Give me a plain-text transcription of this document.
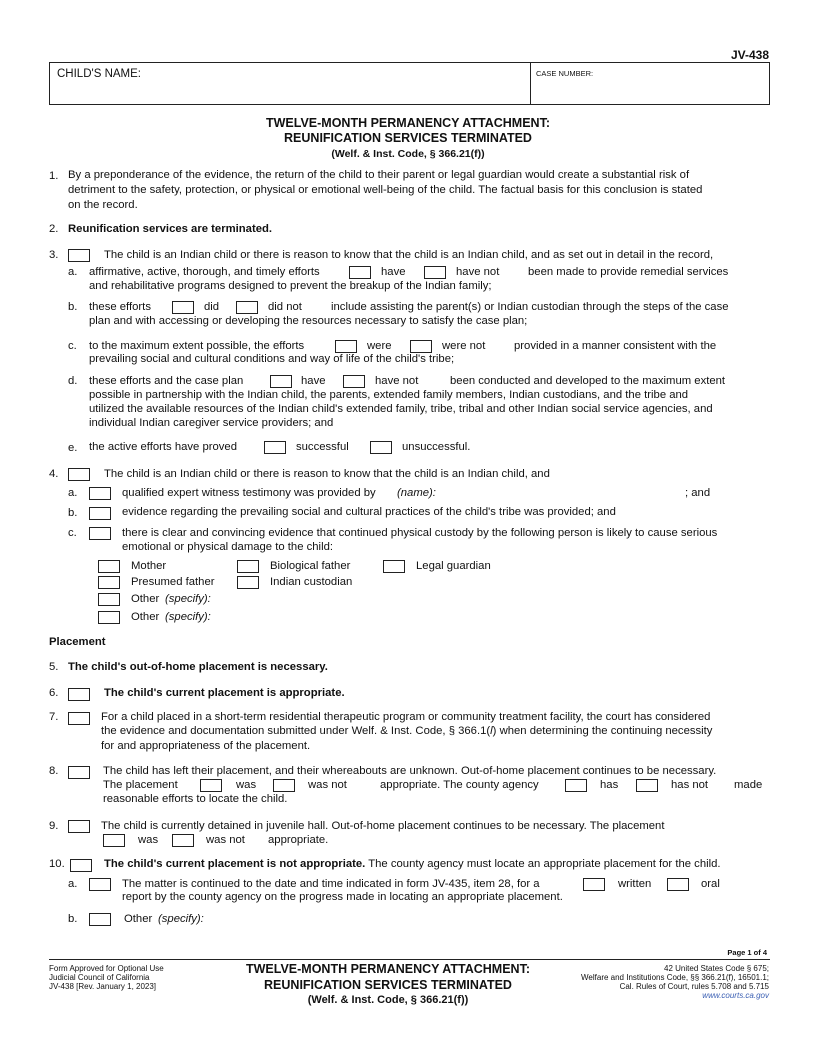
JV-438
CHILD'S NAME:	CASE NUMBER:
TWELVE-MONTH PERMANENCY ATTACHMENT:
REUNIFICATION SERVICES TERMINATED
(Welf. & Inst. Code, § 366.21(f))
1. By a preponderance of the evidence, the return of the child to their parent or legal guardian would create a substantial risk of
detriment to the safety, protection, or physical or emotional well-being of the child. The factual basis for this conclusion is stated
on the record.
2. Reunification services are terminated.
3.	The child is an Indian child or there is reason to know that the child is an Indian child, and as set out in detail in the record,
a. affirmative, active, thorough, and timely efforts	have	have not	been made to provide remedial services
and rehabilitative programs designed to prevent the breakup of the Indian family;
b. these efforts	did	did not	include assisting the parent(s) or Indian custodian through the steps of the case
plan and with accessing or developing the resources necessary to satisfy the case plan;
c. to the maximum extent possible, the efforts	were	were not	provided in a manner consistent with the
prevailing social and cultural conditions and way of life of the child's tribe;
d. these efforts and the case plan	have	have not	been conducted and developed to the maximum extent
possible in partnership with the Indian child, the parents, extended family members, Indian custodians, and the tribe and
utilized the available resources of the Indian child's extended family, tribe, tribal and other Indian social service agencies, and
individual Indian caregiver service providers; and
e. the active efforts have proved	successful	unsuccessful.
4.	The child is an Indian child or there is reason to know that the child is an Indian child, and
a.	qualified expert witness testimony was provided by (name):	; and
b.	evidence regarding the prevailing social and cultural practices of the child's tribe was provided; and
c.	there is clear and convincing evidence that continued physical custody by the following person is likely to cause serious
emotional or physical damage to the child:
Mother	Biological father	Legal guardian
Presumed father	Indian custodian
Other (specify):
Other (specify):
Placement
5. The child's out-of-home placement is necessary.
6.	The child's current placement is appropriate.
7.	For a child placed in a short-term residential therapeutic program or community treatment facility, the court has considered
the evidence and documentation submitted under Welf. & Inst. Code, § 366.1(l) when determining the continuing necessity
for and appropriateness of the placement.
8.	The child has left their placement, and their whereabouts are unknown. Out-of-home placement continues to be necessary.
The placement	was	was not	appropriate. The county agency	has	has not made
reasonable efforts to locate the child.
9.	The child is currently detained in juvenile hall. Out-of-home placement continues to be necessary. The placement
was	was not appropriate.
10.	The child's current placement is not appropriate. The county agency must locate an appropriate placement for the child.
a.	The matter is continued to the date and time indicated in form JV-435, item 28, for a	written	oral
report by the county agency on the progress made in locating an appropriate placement.
b.	Other (specify):
Page 1 of 4
Form Approved for Optional Use
Judicial Council of California
JV-438 [Rev. January 1, 2023]
TWELVE-MONTH PERMANENCY ATTACHMENT:
REUNIFICATION SERVICES TERMINATED
(Welf. & Inst. Code, § 366.21(f))
42 United States Code § 675;
Welfare and Institutions Code, §§ 366.21(f), 16501.1;
Cal. Rules of Court, rules 5.708 and 5.715
www.courts.ca.gov
